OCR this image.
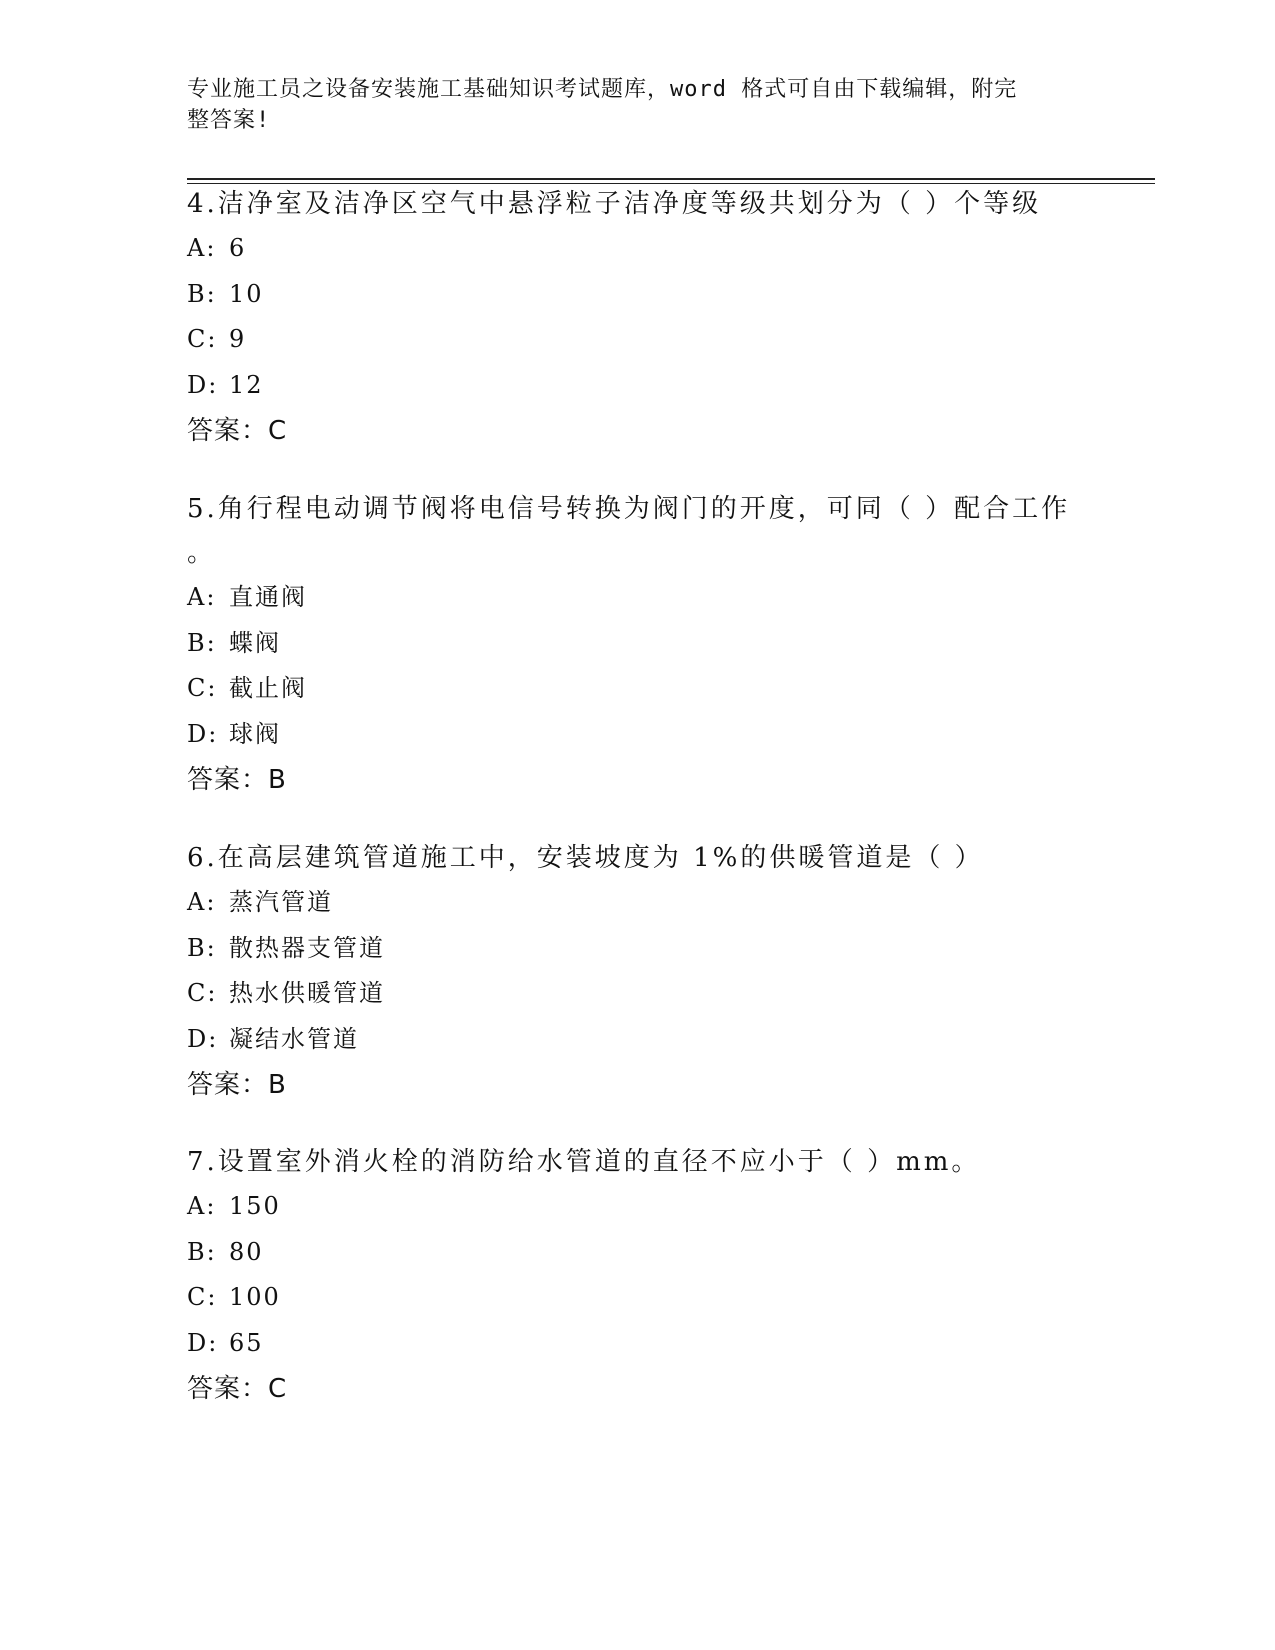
专业施工员之设备安装施工基础知识考试题库，word 格式可自由下载编辑，附完
整答案!
4.洁净室及洁净区空气中悬浮粒子洁净度等级共划分为（ ）个等级
A: 6
B: 10
C: 9
D: 12
答案：C
5.角行程电动调节阀将电信号转换为阀门的开度，可同（ ）配合工作
。
A: 直通阀
B: 蝶阀
C: 截止阀
D: 球阀
答案：B
6.在高层建筑管道施工中，安装坡度为 1%的供暖管道是（ ）
A: 蒸汽管道
B: 散热器支管道
C: 热水供暖管道
D: 凝结水管道
答案：B
7.设置室外消火栓的消防给水管道的直径不应小于（ ）mm。
A: 150
B: 80
C: 100
D: 65
答案：C
